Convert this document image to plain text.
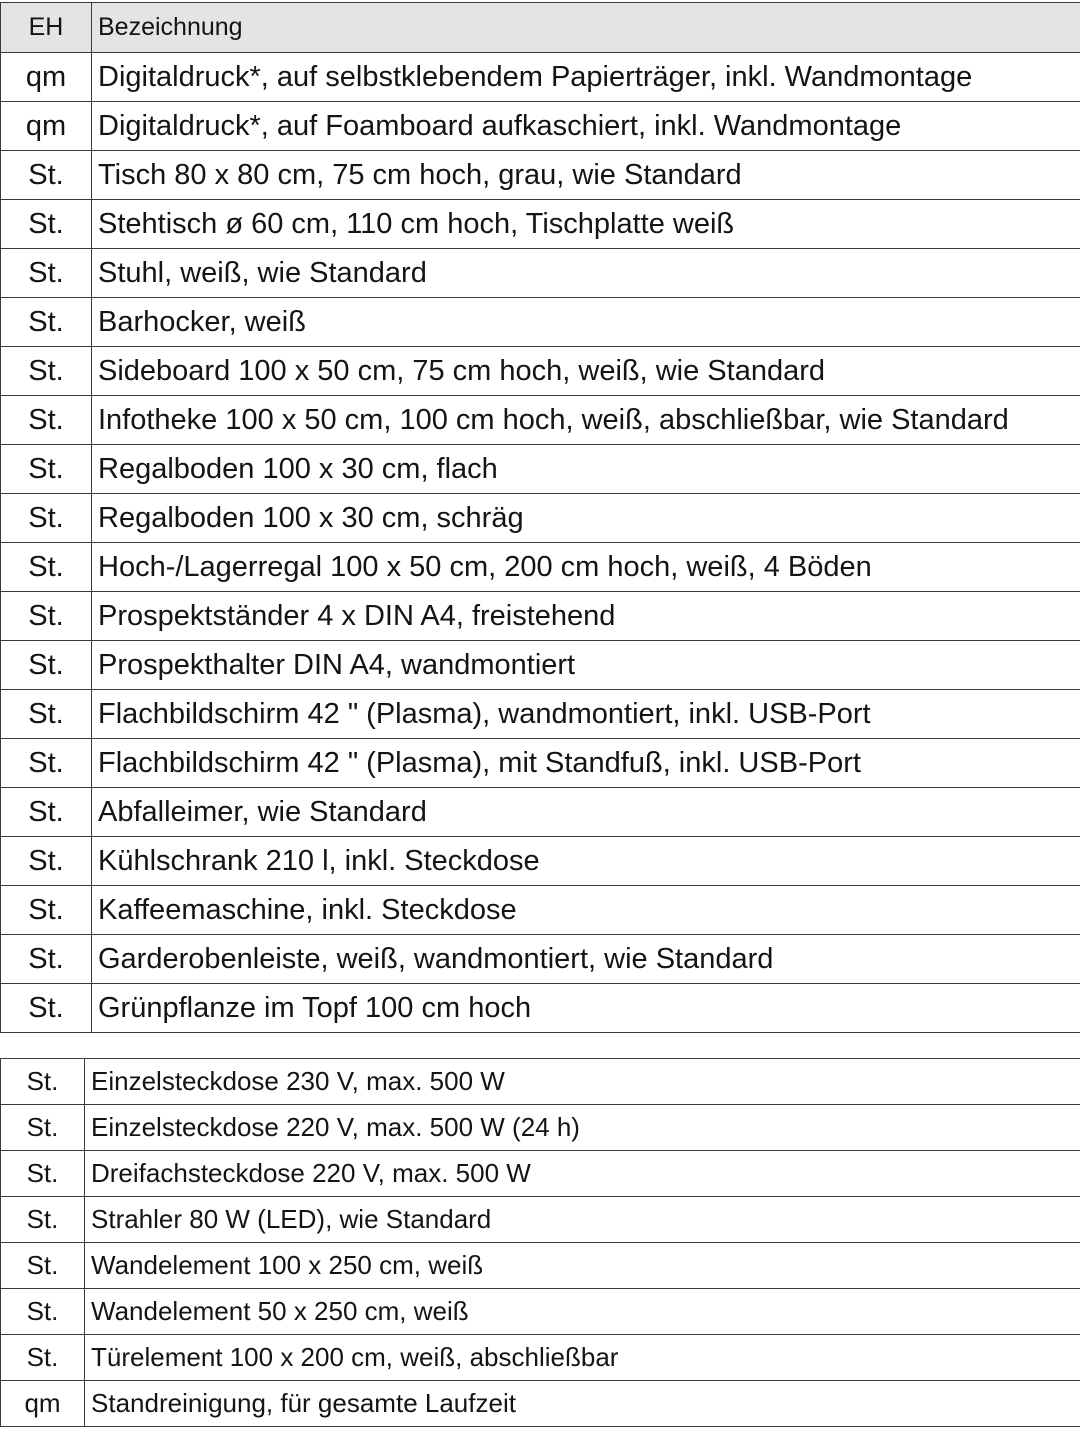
EH	Bezeichnung
qm	Digitaldruck*, auf selbstklebendem Papierträger, inkl. Wandmontage
qm	Digitaldruck*, auf Foamboard aufkaschiert, inkl. Wandmontage
St.	Tisch 80 x 80 cm, 75 cm hoch, grau, wie Standard
St.	Stehtisch ø 60 cm, 110 cm hoch, Tischplatte weiß
St.	Stuhl, weiß, wie Standard
St.	Barhocker, weiß
St.	Sideboard 100 x 50 cm, 75 cm hoch, weiß, wie Standard
St.	Infotheke 100 x 50 cm, 100 cm hoch, weiß, abschließbar, wie Standard
St.	Regalboden 100 x 30 cm, flach
St.	Regalboden 100 x 30 cm, schräg
St.	Hoch-/Lagerregal 100 x 50 cm, 200 cm hoch, weiß, 4 Böden
St.	Prospektständer 4 x DIN A4, freistehend
St.	Prospekthalter DIN A4, wandmontiert
St.	Flachbildschirm 42 " (Plasma), wandmontiert, inkl. USB-Port
St.	Flachbildschirm 42 " (Plasma), mit Standfuß, inkl. USB-Port
St.	Abfalleimer, wie Standard
St.	Kühlschrank 210 l, inkl. Steckdose
St.	Kaffeemaschine, inkl. Steckdose
St.	Garderobenleiste, weiß, wandmontiert, wie Standard
St.	Grünpflanze im Topf 100 cm hoch
St.	Einzelsteckdose 230 V, max. 500 W
St.	Einzelsteckdose 220 V, max. 500 W (24 h)
St.	Dreifachsteckdose 220 V, max. 500 W
St.	Strahler 80 W (LED), wie Standard
St.	Wandelement 100 x 250 cm, weiß
St.	Wandelement 50 x 250 cm, weiß
St.	Türelement 100 x 200 cm, weiß, abschließbar
qm	Standreinigung, für gesamte Laufzeit
